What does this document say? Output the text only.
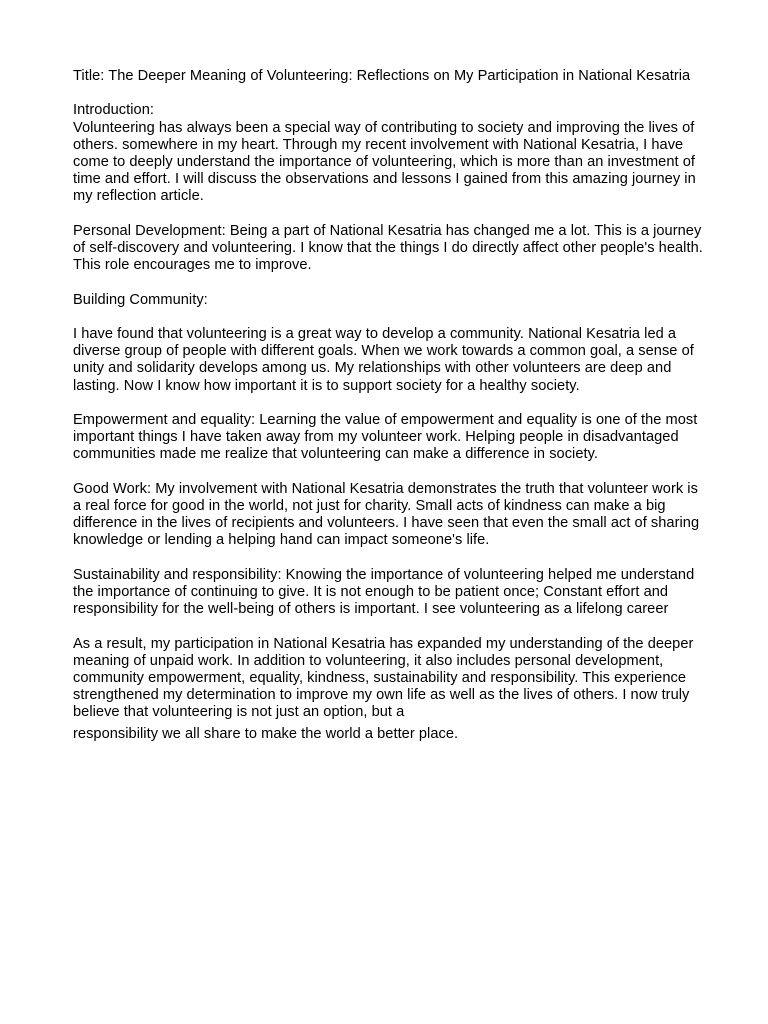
Title: The Deeper Meaning of Volunteering: Reflections on My Participation in National Kesatria

Introduction:
Volunteering has always been a special way of contributing to society and improving the lives of others. somewhere in my heart. Through my recent involvement with National Kesatria, I have come to deeply understand the importance of volunteering, which is more than an investment of time and effort. I will discuss the observations and lessons I gained from this amazing journey in my reflection article.

Personal Development: Being a part of National Kesatria has changed me a lot. This is a journey of self-discovery and volunteering. I know that the things I do directly affect other people's health. This role encourages me to improve.

Building Community:

I have found that volunteering is a great way to develop a community. National Kesatria led a diverse group of people with different goals. When we work towards a common goal, a sense of unity and solidarity develops among us. My relationships with other volunteers are deep and lasting. Now I know how important it is to support society for a healthy society.

Empowerment and equality: Learning the value of empowerment and equality is one of the most important things I have taken away from my volunteer work. Helping people in disadvantaged communities made me realize that volunteering can make a difference in society.

Good Work: My involvement with National Kesatria demonstrates the truth that volunteer work is a real force for good in the world, not just for charity. Small acts of kindness can make a big difference in the lives of recipients and volunteers. I have seen that even the small act of sharing knowledge or lending a helping hand can impact someone's life.

Sustainability and responsibility: Knowing the importance of volunteering helped me understand the importance of continuing to give. It is not enough to be patient once; Constant effort and responsibility for the well-being of others is important. I see volunteering as a lifelong career

As a result, my participation in National Kesatria has expanded my understanding of the deeper meaning of unpaid work. In addition to volunteering, it also includes personal development, community empowerment, equality, kindness, sustainability and responsibility. This experience strengthened my determination to improve my own life as well as the lives of others. I now truly believe that volunteering is not just an option, but a
responsibility we all share to make the world a better place.
